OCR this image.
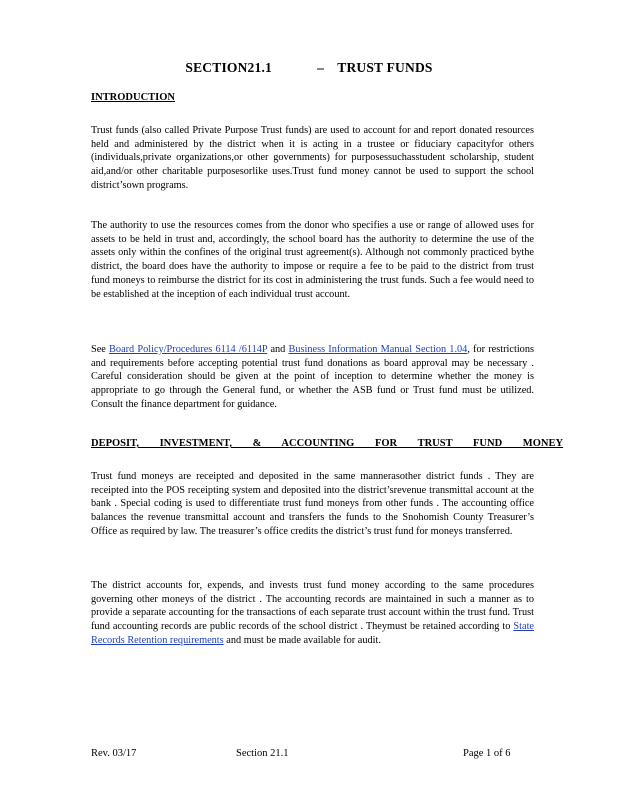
SECTION21.1	– TRUST FUNDS
INTRODUCTION

Trust funds (also called Private Purpose Trust funds) are used to account for and report donated resources held and administered by the district when it is acting in a trustee or fiduciary capacityfor others (individuals,private organizations,or other governments) for purposessuchasstudent scholarship, student aid,and/or other charitable purposesorlike uses.Trust fund money cannot be used to support the school district’sown programs.

The authority to use the resources comes from the donor who specifies a use or range of allowed uses for assets to be held in trust and, accordingly, the school board has the authority to determine the use of the assets only within the confines of the original trust agreement(s). Although not commonly practiced bythe district, the board does have the authority to impose or require a fee to be paid to the district from trust fund moneys to reimburse the district for its cost in administering the trust funds. Such a fee would need to be established at the inception of each individual trust account.

See Board Policy/Procedures 6114 /6114P and Business Information Manual Section 1.04, for restrictions and requirements before accepting potential trust fund donations as board approval may be necessary . Careful consideration should be given at the point of inception to determine whether the money is appropriate to go through the General fund, or whether the ASB fund or Trust fund must be utilized. Consult the finance department for guidance.

DEPOSIT, INVESTMENT, & ACCOUNTING FOR TRUST FUND MONEY

Trust fund moneys are receipted and deposited in the same mannerasother district funds . They are receipted into the POS receipting system and deposited into the district’srevenue transmittal account at the bank . Special coding is used to differentiate trust fund moneys from other funds . The accounting office balances the revenue transmittal account and transfers the funds to the Snohomish County Treasurer’s Office as required by law. The treasurer’s office credits the district’s trust fund for moneys transferred.

The district accounts for, expends, and invests trust fund money according to the same procedures governing other moneys of the district . The accounting records are maintained in such a manner as to provide a separate accounting for the transactions of each separate trust account within the trust fund. Trust fund accounting records are public records of the school district . Theymust be retained according to State Records Retention requirements and must be made available for audit.

Rev. 03/17	Section 21.1	Page 1 of 6
